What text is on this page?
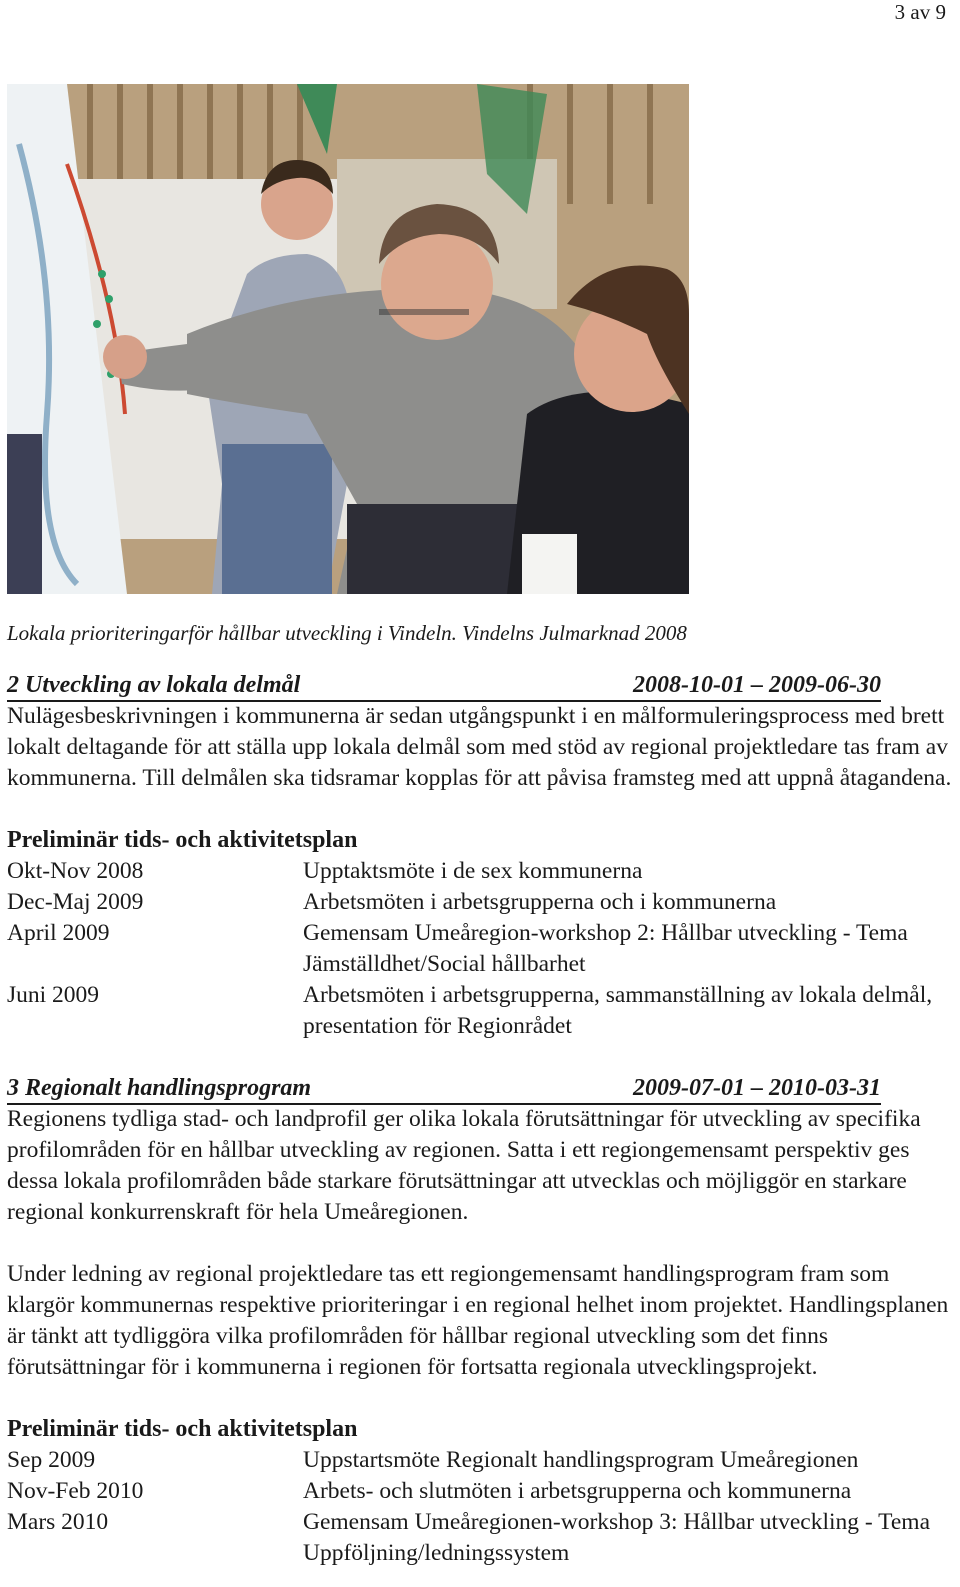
3 av 9
Lokala prioriteringarför hållbar utveckling i Vindeln. Vindelns Julmarknad 2008
2 Utveckling av lokala delmål	2008-10-01 – 2009-06-30

Nulägesbeskrivningen i kommunerna är sedan utgångspunkt i en målformuleringsprocess med brett lokalt deltagande för att ställa upp lokala delmål som med stöd av regional projektledare tas fram av kommunerna. Till delmålen ska tidsramar kopplas för att påvisa framsteg med att uppnå åtagandena.

Preliminär tids- och aktivitetsplan
Okt-Nov 2008	Upptaktsmöte i de sex kommunerna
Dec-Maj 2009	Arbetsmöten i arbetsgrupperna och i kommunerna
April 2009	Gemensam Umeåregion-workshop 2: Hållbar utveckling - Tema Jämställdhet/Social hållbarhet
Juni 2009	Arbetsmöten i arbetsgrupperna, sammanställning av lokala delmål, presentation för Regionrådet
3 Regionalt handlingsprogram	2009-07-01 – 2010-03-31

Regionens tydliga stad- och landprofil ger olika lokala förutsättningar för utveckling av specifika profilområden för en hållbar utveckling av regionen. Satta i ett regiongemensamt perspektiv ges dessa lokala profilområden både starkare förutsättningar att utvecklas och möjliggör en starkare regional konkurrenskraft för hela Umeåregionen.

Under ledning av regional projektledare tas ett regiongemensamt handlingsprogram fram som klargör kommunernas respektive prioriteringar i en regional helhet inom projektet. Handlingsplanen är tänkt att tydliggöra vilka profilområden för hållbar regional utveckling som det finns förutsättningar för i kommunerna i regionen för fortsatta regionala utvecklingsprojekt.

Preliminär tids- och aktivitetsplan
Sep 2009	Uppstartsmöte Regionalt handlingsprogram Umeåregionen
Nov-Feb 2010	Arbets- och slutmöten i arbetsgrupperna och kommunerna
Mars 2010	Gemensam Umeåregionen-workshop 3: Hållbar utveckling - Tema Uppföljning/ledningssystem
